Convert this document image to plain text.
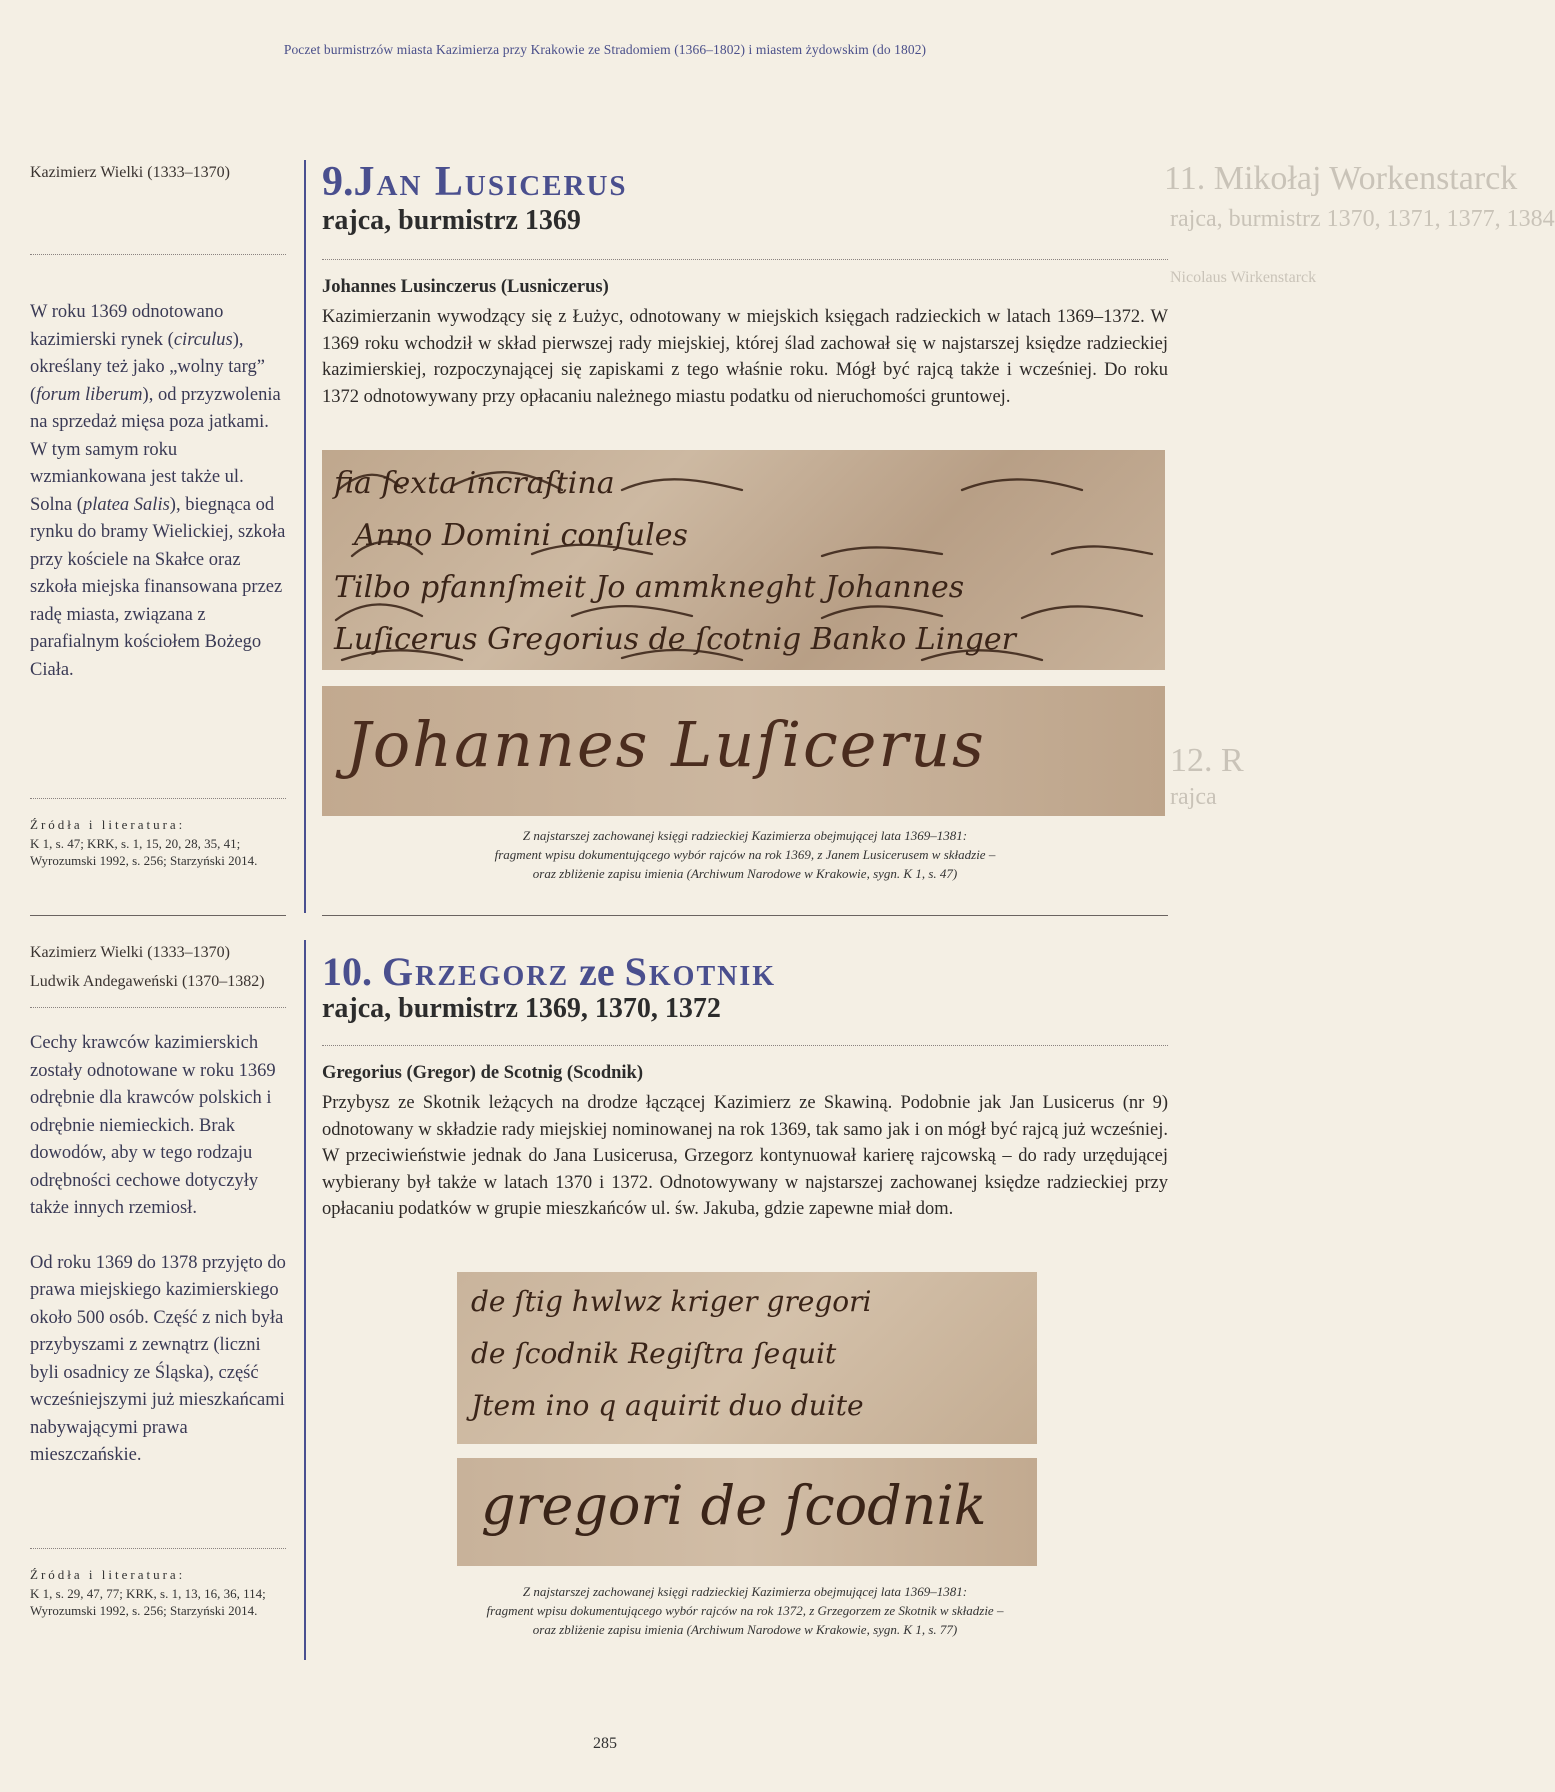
Poczet burmistrzów miasta Kazimierza przy Krakowie ze Stradomiem (1366–1802) i miastem żydowskim (do 1802)
11. Mikołaj Workenstarck
rajca, burmistrz 1370, 1371, 1377, 1384
Nicolaus Wirkenstarck
12. R
rajca
Kazimierz Wielki (1333–1370)
W roku 1369 odnotowano kazimierski rynek (circulus), określany też jako „wolny targ” (forum liberum), od przyzwolenia na sprzedaż mięsa poza jatkami. W tym samym roku wzmiankowana jest także ul. Solna (platea Salis), biegnąca od rynku do bramy Wielickiej, szkoła przy kościele na Skałce oraz szkoła miejska finansowana przez radę miasta, związana z parafialnym kościołem Bożego Ciała.
Źródła i literatura:
K 1, s. 47; KRK, s. 1, 15, 20, 28, 35, 41; Wyrozumski 1992, s. 256; Starzyński 2014.
Kazimierz Wielki (1333–1370)
Ludwik Andegaweński (1370–1382)
Cechy krawców kazimierskich zostały odnotowane w roku 1369 odrębnie dla krawców polskich i odrębnie niemieckich. Brak dowodów, aby w tego rodzaju odrębności cechowe dotyczyły także innych rzemiosł.
Od roku 1369 do 1378 przyjęto do prawa miejskiego kazimierskiego około 500 osób. Część z nich była przybyszami z zewnątrz (liczni byli osadnicy ze Śląska), część wcześniejszymi już mieszkańcami nabywającymi prawa mieszczańskie.
Źródła i literatura:
K 1, s. 29, 47, 77; KRK, s. 1, 13, 16, 36, 114; Wyrozumski 1992, s. 256; Starzyński 2014.
9.Jan Lusicerus
rajca, burmistrz 1369
Johannes Lusinczerus (Lusniczerus)
Kazimierzanin wywodzący się z Łużyc, odnotowany w miejskich księgach radzieckich w latach 1369–1372. W 1369 roku wchodził w skład pierwszej rady miejskiej, której ślad zachował się w najstarszej księdze radzieckiej kazimierskiej, rozpoczynającej się zapiskami z tego właśnie roku. Mógł być rajcą także i wcześniej. Do roku 1372 odnotowywany przy opłacaniu należnego miastu podatku od nieruchomości gruntowej.
fia ſexta incraſtina
Anno Domini conſules
Tilbo pfannſmeit Jo ammkneght Johannes
Luſicerus Gregorius de ſcotnig Banko Linger
Johannes Luſicerus
Z najstarszej zachowanej księgi radzieckiej Kazimierza obejmującej lata 1369–1381:
fragment wpisu dokumentującego wybór rajców na rok 1369, z Janem Lusicerusem w składzie –
oraz zbliżenie zapisu imienia (Archiwum Narodowe w Krakowie, sygn. K 1, s. 47)
10. Grzegorz ze Skotnik
rajca, burmistrz 1369, 1370, 1372
Gregorius (Gregor) de Scotnig (Scodnik)
Przybysz ze Skotnik leżących na drodze łączącej Kazimierz ze Skawiną. Podobnie jak Jan Lusicerus (nr 9) odnotowany w składzie rady miejskiej nominowanej na rok 1369, tak samo jak i on mógł być rajcą już wcześniej. W przeciwieństwie jednak do Jana Lusicerusa, Grzegorz kontynuował karierę rajcowską – do rady urzędującej wybierany był także w latach 1370 i 1372. Odnotowywany w najstarszej zachowanej księdze radzieckiej przy opłacaniu podatków w grupie mieszkańców ul. św. Jakuba, gdzie zapewne miał dom.
de ſtig hwlwz kriger gregori
de ſcodnik Regiſtra ſequit
Jtem ino q aquirit duo duite
gregori de ſcodnik
Z najstarszej zachowanej księgi radzieckiej Kazimierza obejmującej lata 1369–1381:
fragment wpisu dokumentującego wybór rajców na rok 1372, z Grzegorzem ze Skotnik w składzie –
oraz zbliżenie zapisu imienia (Archiwum Narodowe w Krakowie, sygn. K 1, s. 77)
285
